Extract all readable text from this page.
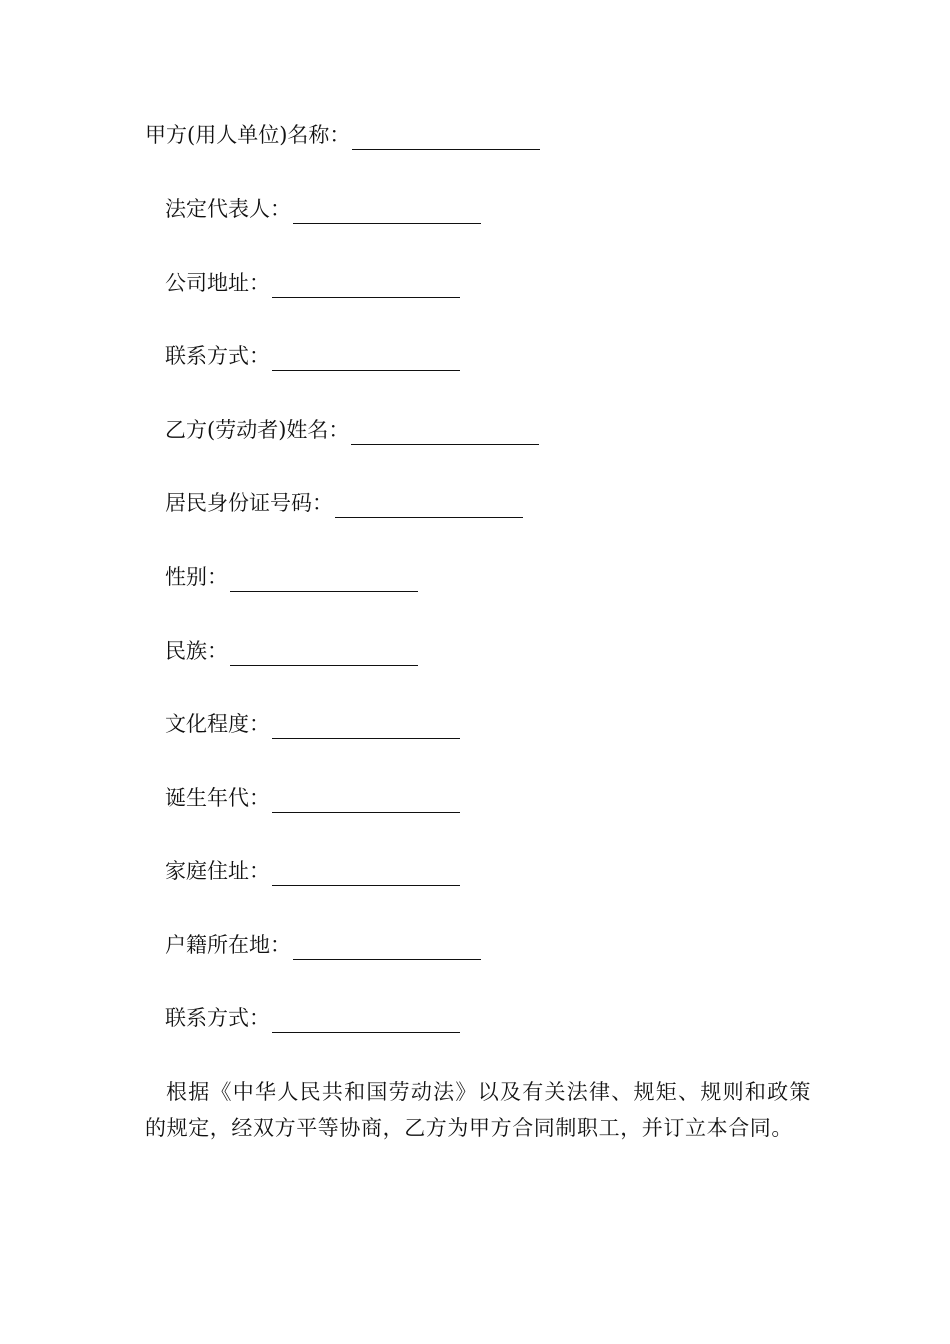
甲方(用人单位)名称：
法定代表人：
公司地址：
联系方式：
乙方(劳动者)姓名：
居民身份证号码：
性别：
民族：
文化程度：
诞生年代：
家庭住址：
户籍所在地：
联系方式：
根据《中华人民共和国劳动法》以及有关法律、规矩、规则和政策的规定，经双方平等协商，乙方为甲方合同制职工，并订立本合同。
